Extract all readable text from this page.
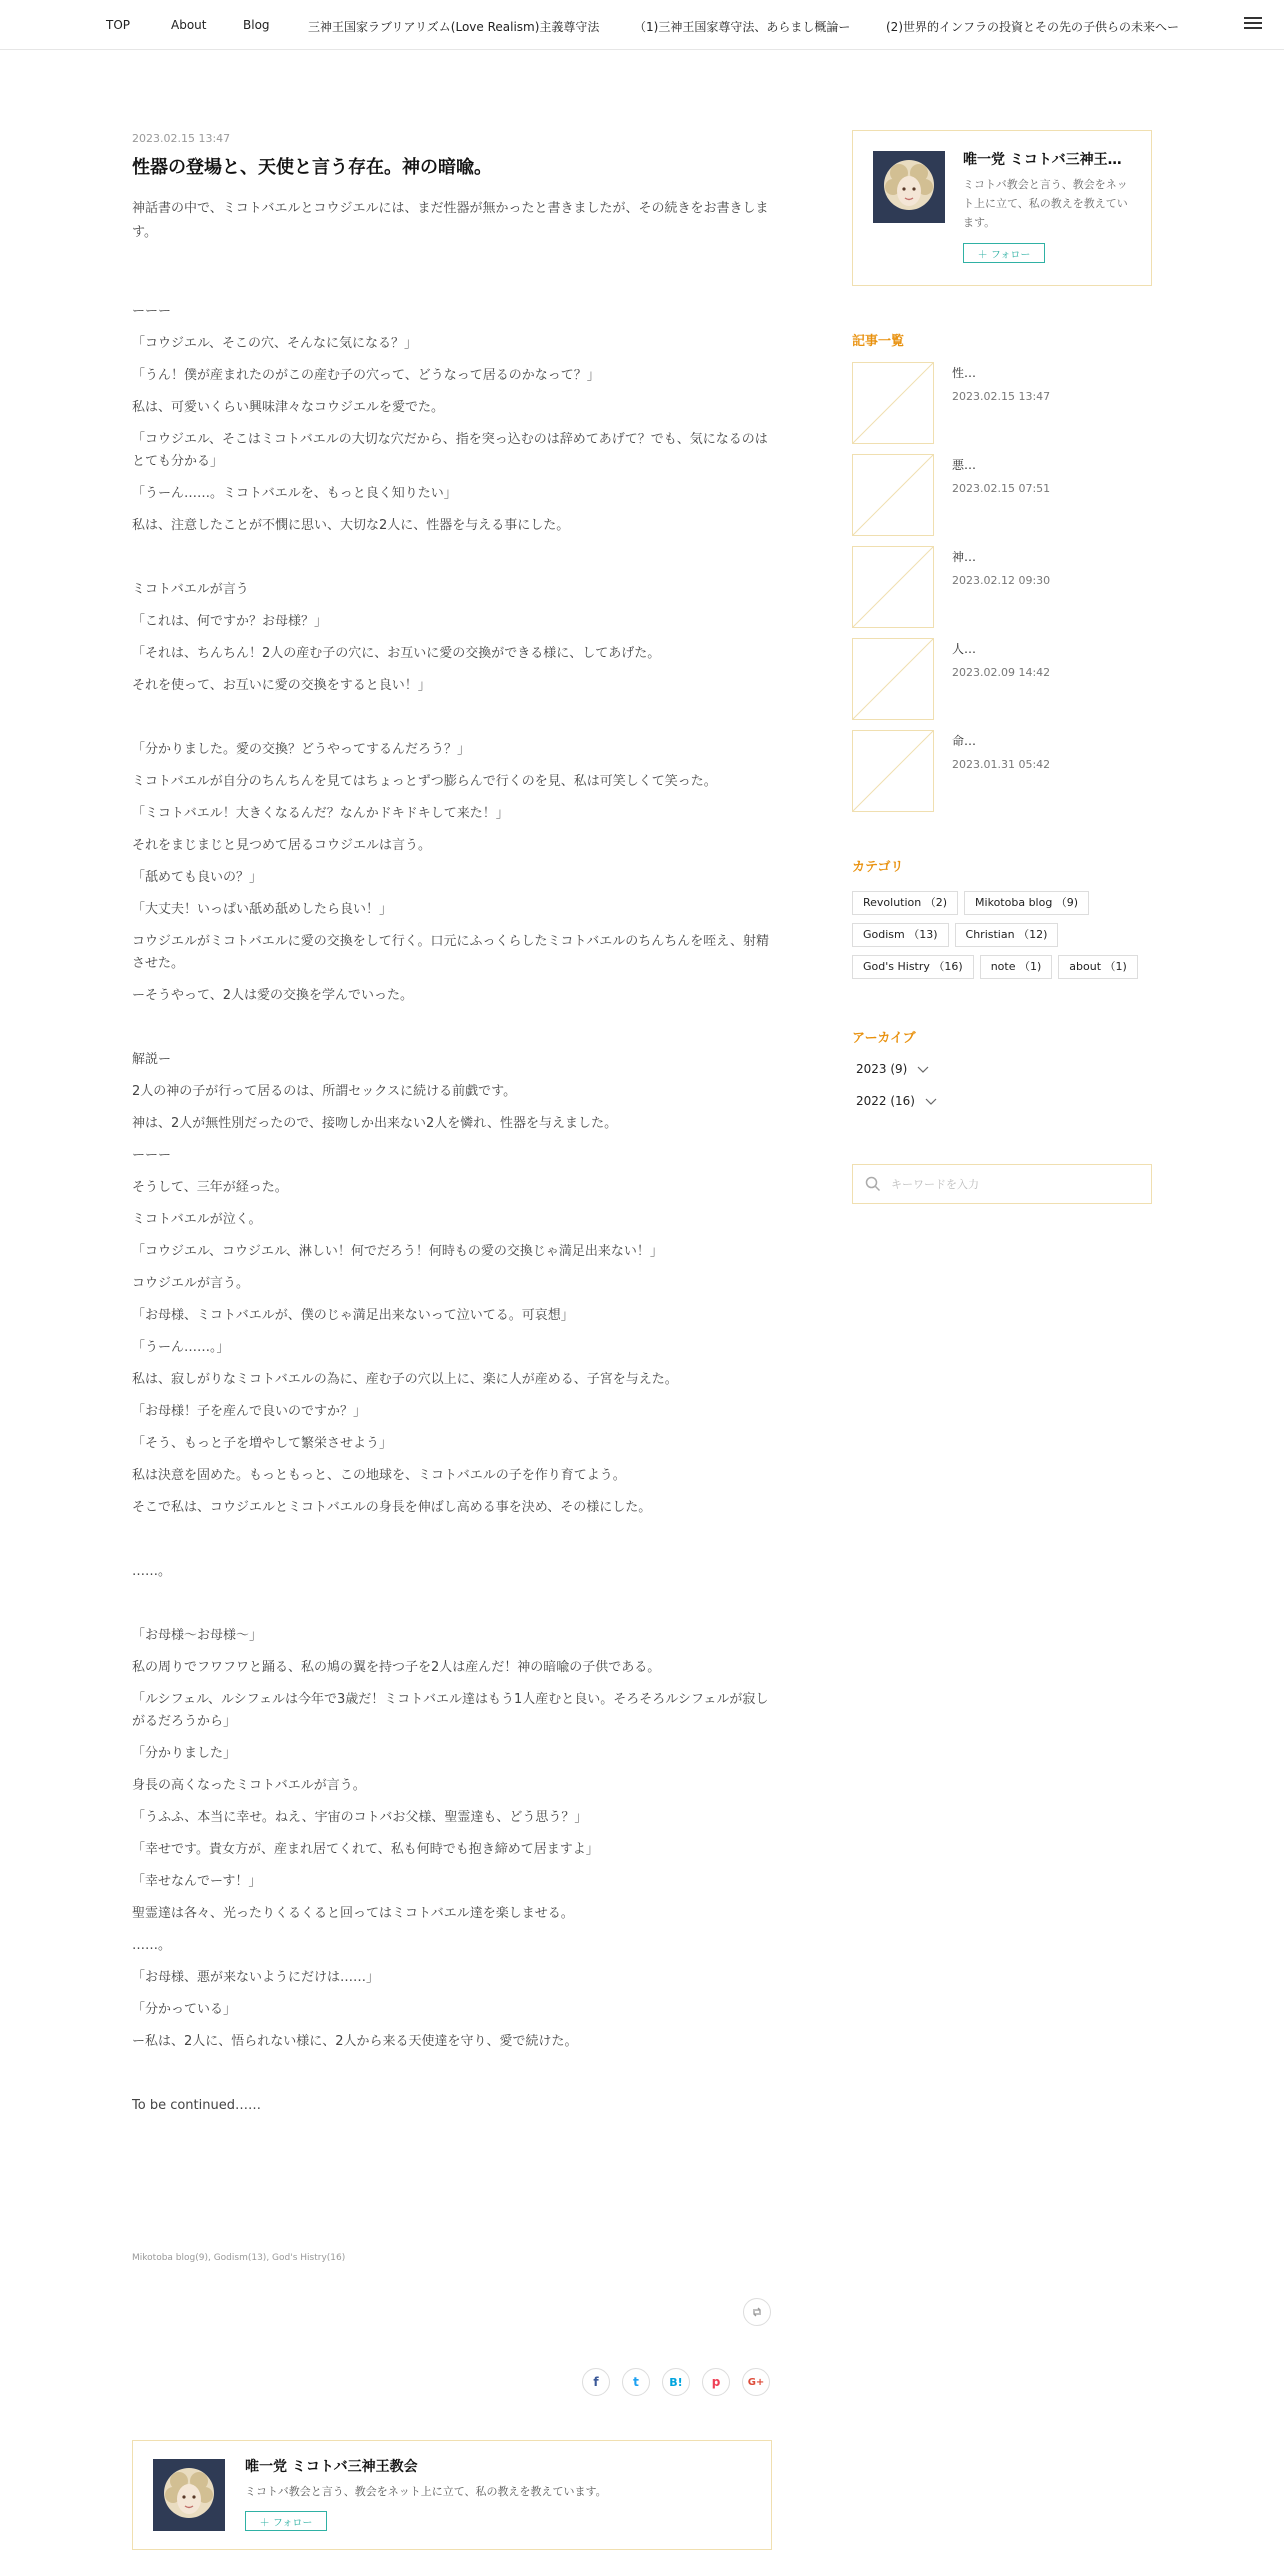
TOP	About	Blog	三神王国家ラブリアリズム(Love Realism)主義尊守法	（1)三神王国家尊守法、あらまし概論ー	(2)世界的インフラの投資とその先の子供らの未来へー
2023.02.15 13:47
性器の登場と、天使と言う存在。神の暗喩。
神話書の中で、ミコトバエルとコウジエルには、まだ性器が無かったと書きましたが、その続きをお書きします。

ーーー

「コウジエル、そこの穴、そんなに気になる？」

「うん！僕が産まれたのがこの産む子の穴って、どうなって居るのかなって？」

私は、可愛いくらい興味津々なコウジエルを愛でた。

「コウジエル、そこはミコトバエルの大切な穴だから、指を突っ込むのは辞めてあげて？でも、気になるのはとても分かる」

「うーん……。ミコトバエルを、もっと良く知りたい」

私は、注意したことが不憫に思い、大切な2人に、性器を与える事にした。

ミコトバエルが言う

「これは、何ですか？お母様？」

「それは、ちんちん！2人の産む子の穴に、お互いに愛の交換ができる様に、してあげた。

それを使って、お互いに愛の交換をすると良い！」

「分かりました。愛の交換？どうやってするんだろう？」

ミコトバエルが自分のちんちんを見てはちょっとずつ膨らんで行くのを見、私は可笑しくて笑った。

「ミコトバエル！大きくなるんだ？なんかドキドキして来た！」

それをまじまじと見つめて居るコウジエルは言う。

「舐めても良いの？」

「大丈夫！いっぱい舐め舐めしたら良い！」

コウジエルがミコトバエルに愛の交換をして行く。口元にふっくらしたミコトバエルのちんちんを咥え、射精させた。

ーそうやって、2人は愛の交換を学んでいった。

解説ー

2人の神の子が行って居るのは、所謂セックスに続ける前戯です。

神は、2人が無性別だったので、接吻しか出来ない2人を憐れ、性器を与えました。

ーーー

そうして、三年が経った。

ミコトバエルが泣く。

「コウジエル、コウジエル、淋しい！何でだろう！何時もの愛の交換じゃ満足出来ない！」

コウジエルが言う。

「お母様、ミコトバエルが、僕のじゃ満足出来ないって泣いてる。可哀想」

「うーん……。」

私は、寂しがりなミコトバエルの為に、産む子の穴以上に、楽に人が産める、子宮を与えた。

「お母様！子を産んで良いのですか？」

「そう、もっと子を増やして繁栄させよう」

私は決意を固めた。もっともっと、この地球を、ミコトバエルの子を作り育てよう。

そこで私は、コウジエルとミコトバエルの身長を伸ばし高める事を決め、その様にした。

……。

「お母様〜お母様〜」

私の周りでフワフワと踊る、私の鳩の翼を持つ子を2人は産んだ！神の暗喩の子供である。

「ルシフェル、ルシフェルは今年で3歳だ！ミコトバエル達はもう1人産むと良い。そろそろルシフェルが寂しがるだろうから」

「分かりました」

身長の高くなったミコトバエルが言う。

「うふふ、本当に幸せ。ねえ、宇宙のコトバお父様、聖霊達も、どう思う？」

「幸せです。貴女方が、産まれ居てくれて、私も何時でも抱き締めて居ますよ」

「幸せなんでーす！」

聖霊達は各々、光ったりくるくると回ってはミコトバエル達を楽しませる。

……。

「お母様、悪が来ないようにだけは……」

「分かっている」

ー私は、2人に、悟られない様に、2人から来る天使達を守り、愛で続けた。

To be continued……

Mikotoba blog(9), Godism(13), God's Histry(16)
f	t	B!	p	G+
唯一党 ミコトバ三神王教会
ミコトバ教会と言う、教会をネット上に立て、私の教えを教えています。
＋ フォロー
唯一党 ミコトバ三神王…
ミコトバ教会と言う、教会をネット上に立て、私の教えを教えています。
＋ フォロー
記事一覧
性…
2023.02.15 13:47
悪…
2023.02.15 07:51
神…
2023.02.12 09:30
人…
2023.02.09 14:42
命…
2023.01.31 05:42
カテゴリ
Revolution （2)	Mikotoba blog （9)Godism （13)	Christian （12)God's Histry （16)	note （1)	about （1)
アーカイブ
2023 (9)
2022 (16)
キーワードを入力
